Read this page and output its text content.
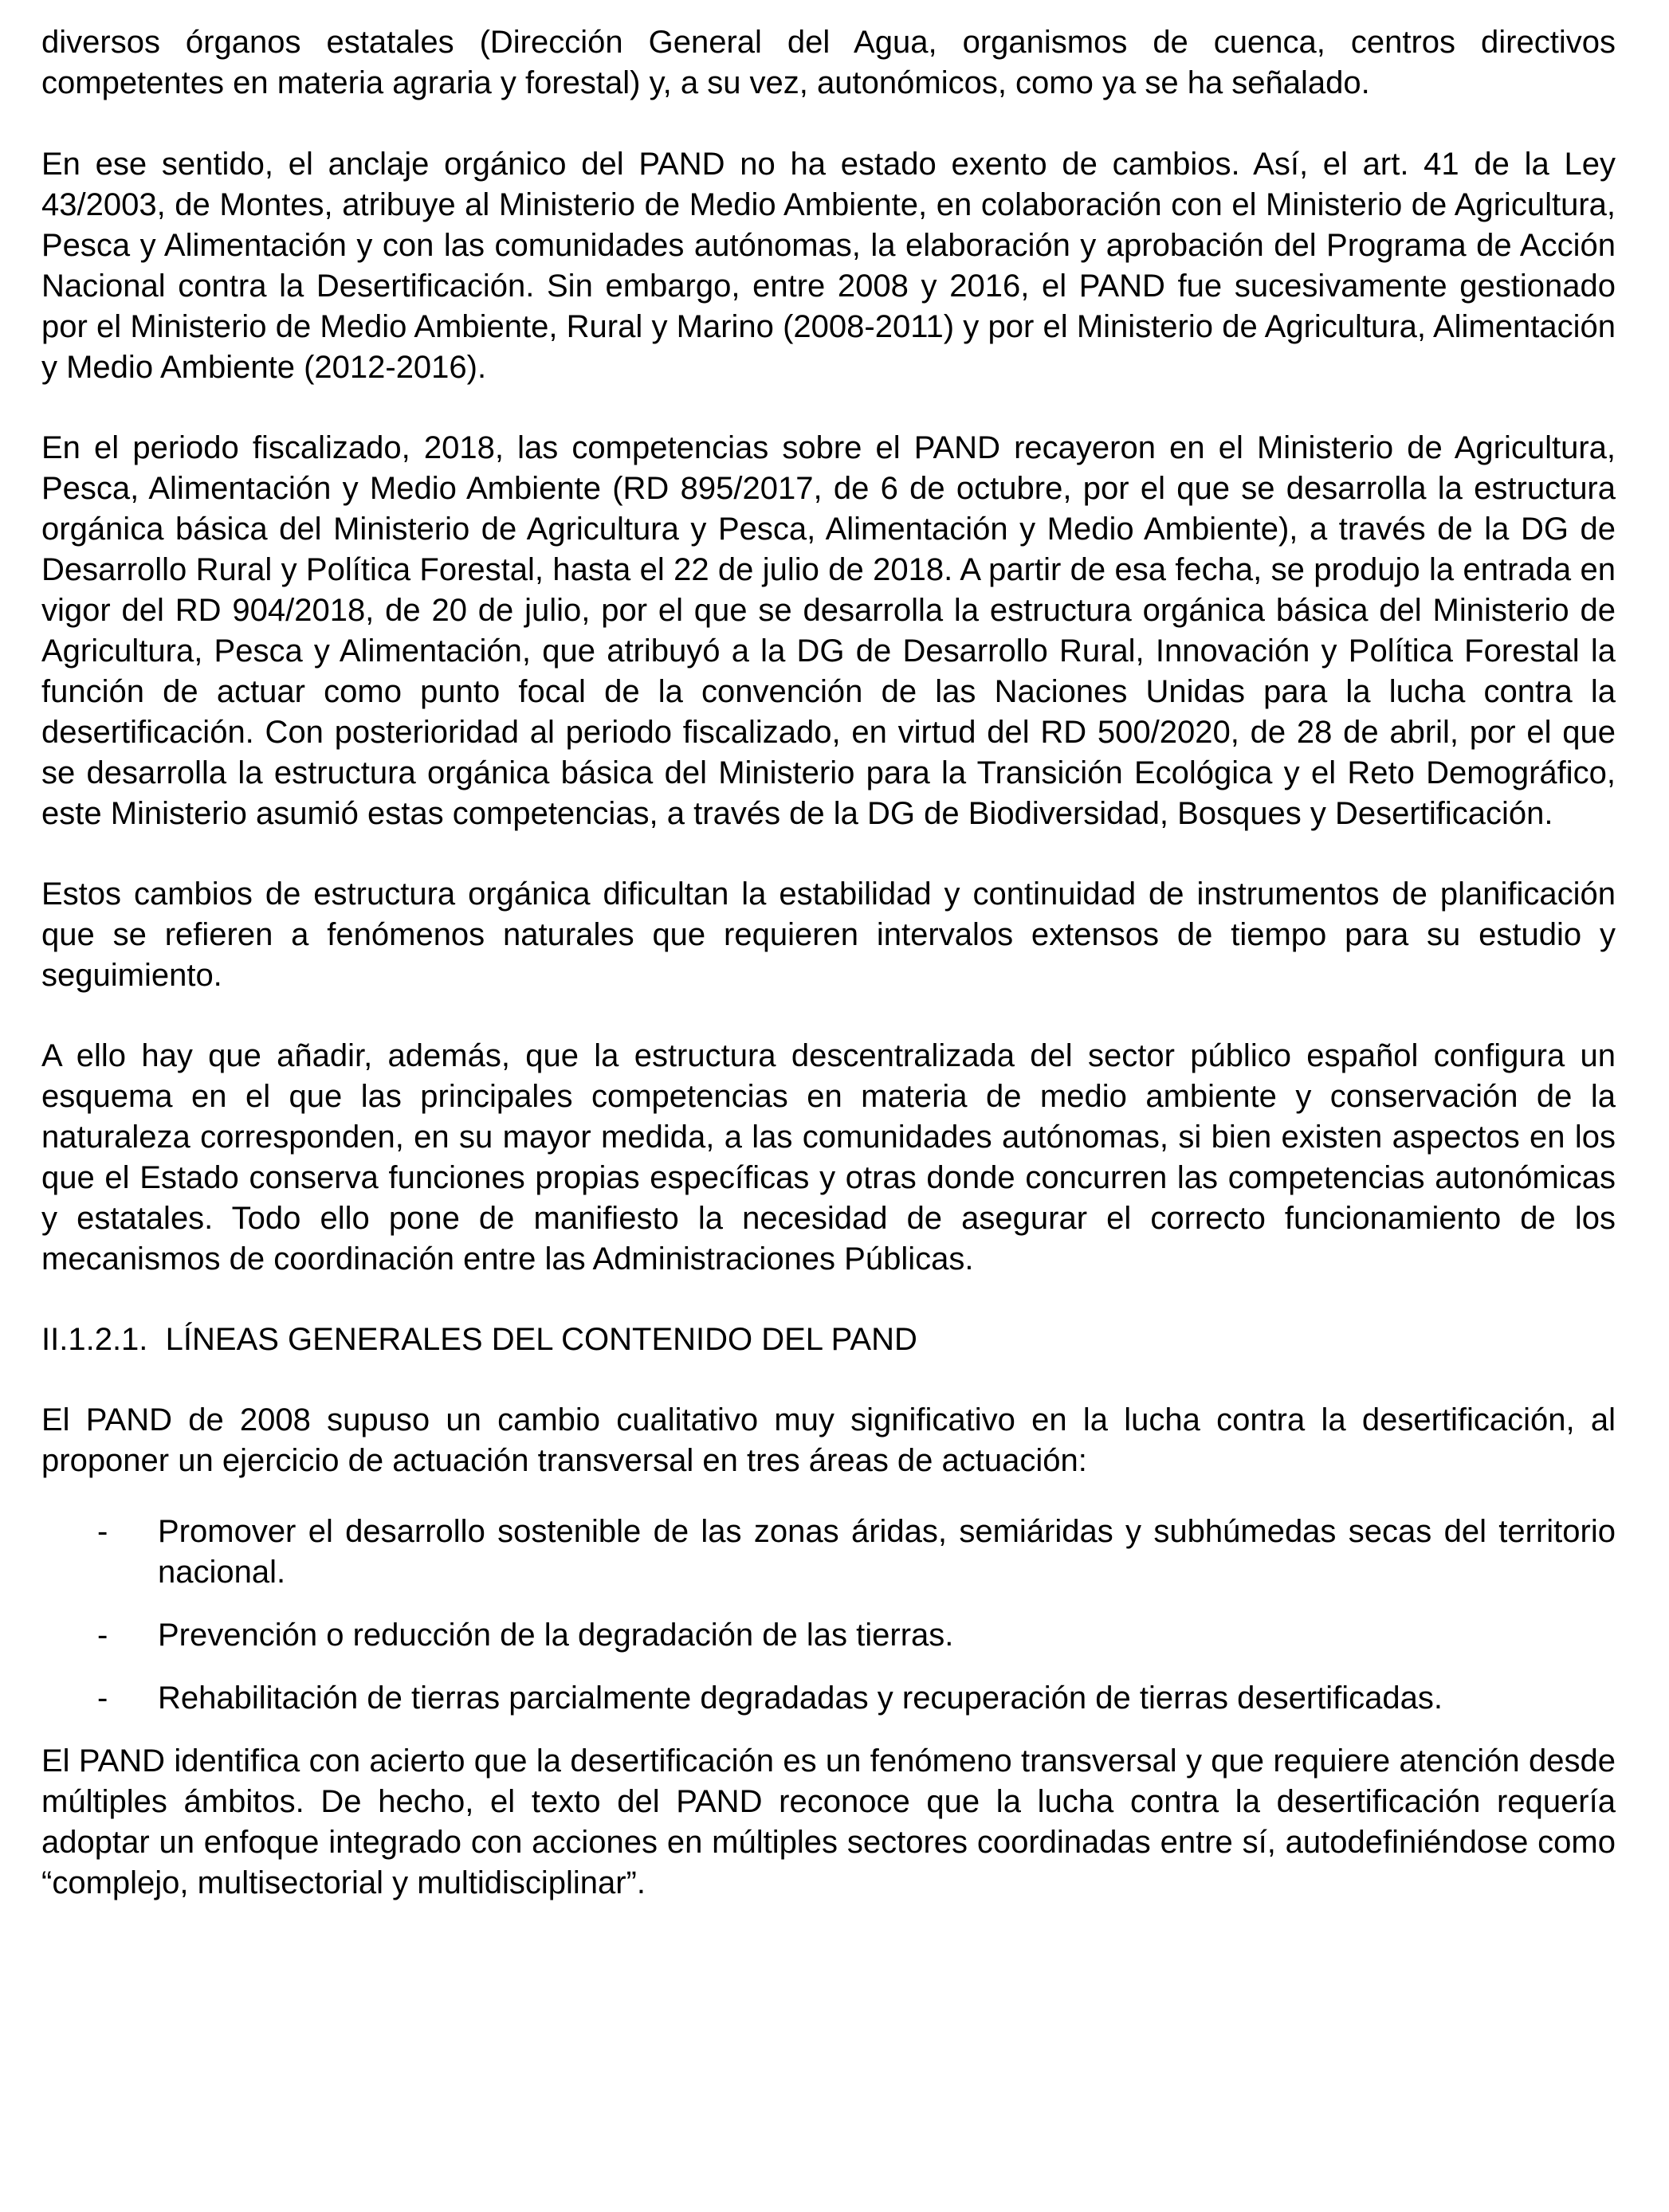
diversos órganos estatales (Dirección General del Agua, organismos de cuenca, centros directivos competentes en materia agraria y forestal) y, a su vez, autonómicos, como ya se ha señalado.

En ese sentido, el anclaje orgánico del PAND no ha estado exento de cambios. Así, el art. 41 de la Ley 43/2003, de Montes, atribuye al Ministerio de Medio Ambiente, en colaboración con el Ministerio de Agricultura, Pesca y Alimentación y con las comunidades autónomas, la elaboración y aprobación del Programa de Acción Nacional contra la Desertificación. Sin embargo, entre 2008 y 2016, el PAND fue sucesivamente gestionado por el Ministerio de Medio Ambiente, Rural y Marino (2008-2011) y por el Ministerio de Agricultura, Alimentación y Medio Ambiente (2012-2016).

En el periodo fiscalizado, 2018, las competencias sobre el PAND recayeron en el Ministerio de Agricultura, Pesca, Alimentación y Medio Ambiente (RD 895/2017, de 6 de octubre, por el que se desarrolla la estructura orgánica básica del Ministerio de Agricultura y Pesca, Alimentación y Medio Ambiente), a través de la DG de Desarrollo Rural y Política Forestal, hasta el 22 de julio de 2018. A partir de esa fecha, se produjo la entrada en vigor del RD 904/2018, de 20 de julio, por el que se desarrolla la estructura orgánica básica del Ministerio de Agricultura, Pesca y Alimentación, que atribuyó a la DG de Desarrollo Rural, Innovación y Política Forestal la función de actuar como punto focal de la convención de las Naciones Unidas para la lucha contra la desertificación. Con posterioridad al periodo fiscalizado, en virtud del RD 500/2020, de 28 de abril, por el que se desarrolla la estructura orgánica básica del Ministerio para la Transición Ecológica y el Reto Demográfico, este Ministerio asumió estas competencias, a través de la DG de Biodiversidad, Bosques y Desertificación.

Estos cambios de estructura orgánica dificultan la estabilidad y continuidad de instrumentos de planificación que se refieren a fenómenos naturales que requieren intervalos extensos de tiempo para su estudio y seguimiento.

A ello hay que añadir, además, que la estructura descentralizada del sector público español configura un esquema en el que las principales competencias en materia de medio ambiente y conservación de la naturaleza corresponden, en su mayor medida, a las comunidades autónomas, si bien existen aspectos en los que el Estado conserva funciones propias específicas y otras donde concurren las competencias autonómicas y estatales. Todo ello pone de manifiesto la necesidad de asegurar el correcto funcionamiento de los mecanismos de coordinación entre las Administraciones Públicas.

II.1.2.1.  LÍNEAS GENERALES DEL CONTENIDO DEL PAND

El PAND de 2008 supuso un cambio cualitativo muy significativo en la lucha contra la desertificación, al proponer un ejercicio de actuación transversal en tres áreas de actuación:

- Promover el desarrollo sostenible de las zonas áridas, semiáridas y subhúmedas secas del territorio nacional.
- Prevención o reducción de la degradación de las tierras.
- Rehabilitación de tierras parcialmente degradadas y recuperación de tierras desertificadas.

El PAND identifica con acierto que la desertificación es un fenómeno transversal y que requiere atención desde múltiples ámbitos. De hecho, el texto del PAND reconoce que la lucha contra la desertificación requería adoptar un enfoque integrado con acciones en múltiples sectores coordinadas entre sí, autodefiniéndose como “complejo, multisectorial y multidisciplinar”.
